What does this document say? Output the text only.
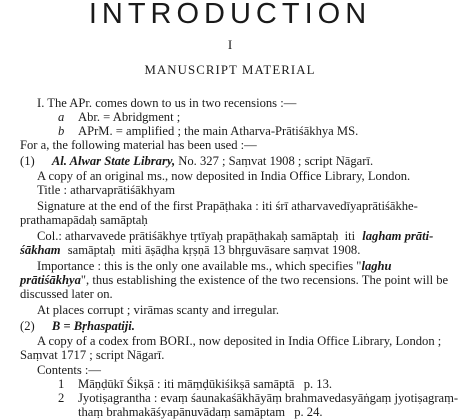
INTRODUCTION
I
MANUSCRIPT MATERIAL
I. The APr. comes down to us in two recensions :—
a Abr. = Abridgment ;
b APrM. = amplified ; the main Atharva-Prātiśākhya MS.
For a, the following material has been used :—
(1) Al. Alwar State Library, No. 327 ; Saṃvat 1908 ; script Nāgarī.
A copy of an original ms., now deposited in India Office Library, London.
Title : atharvaprātiśākhyam
Signature at the end of the first Prapāṭhaka : iti śrī atharvavedīyaprātiśākhe-
prathamapādaḥ samāptaḥ
Col.: atharvavede prātiśākhye tṛtīyaḥ prapāṭhakaḥ samāptaḥ iti lagham prāti-
śākham samāptaḥ miti āṣāḍha kṛṣṇā 13 bhṛguvāsare saṃvat 1908.
Importance : this is the only one available ms., which specifies "laghu
prātiśākhya", thus establishing the existence of the two recensions. The point will be
discussed later on.
At places corrupt ; virāmas scanty and irregular.
(2) B = Bṛhaspatiji.
A copy of a codex from BORI., now deposited in India Office Library, London ;
Saṃvat 1717 ; script Nāgarī.
Contents :—
1 Māṇḍūkī Śikṣā : iti māṃḍūkiśikṣā samāptā p. 13.
2 Jyotiṣagrantha : evaṃ śaunakaśākhāyāṃ brahmavedasyāṅgaṃ jyotiṣagraṃ-
thaṃ brahmakāśyapānuvādaṃ samāptam p. 24.
